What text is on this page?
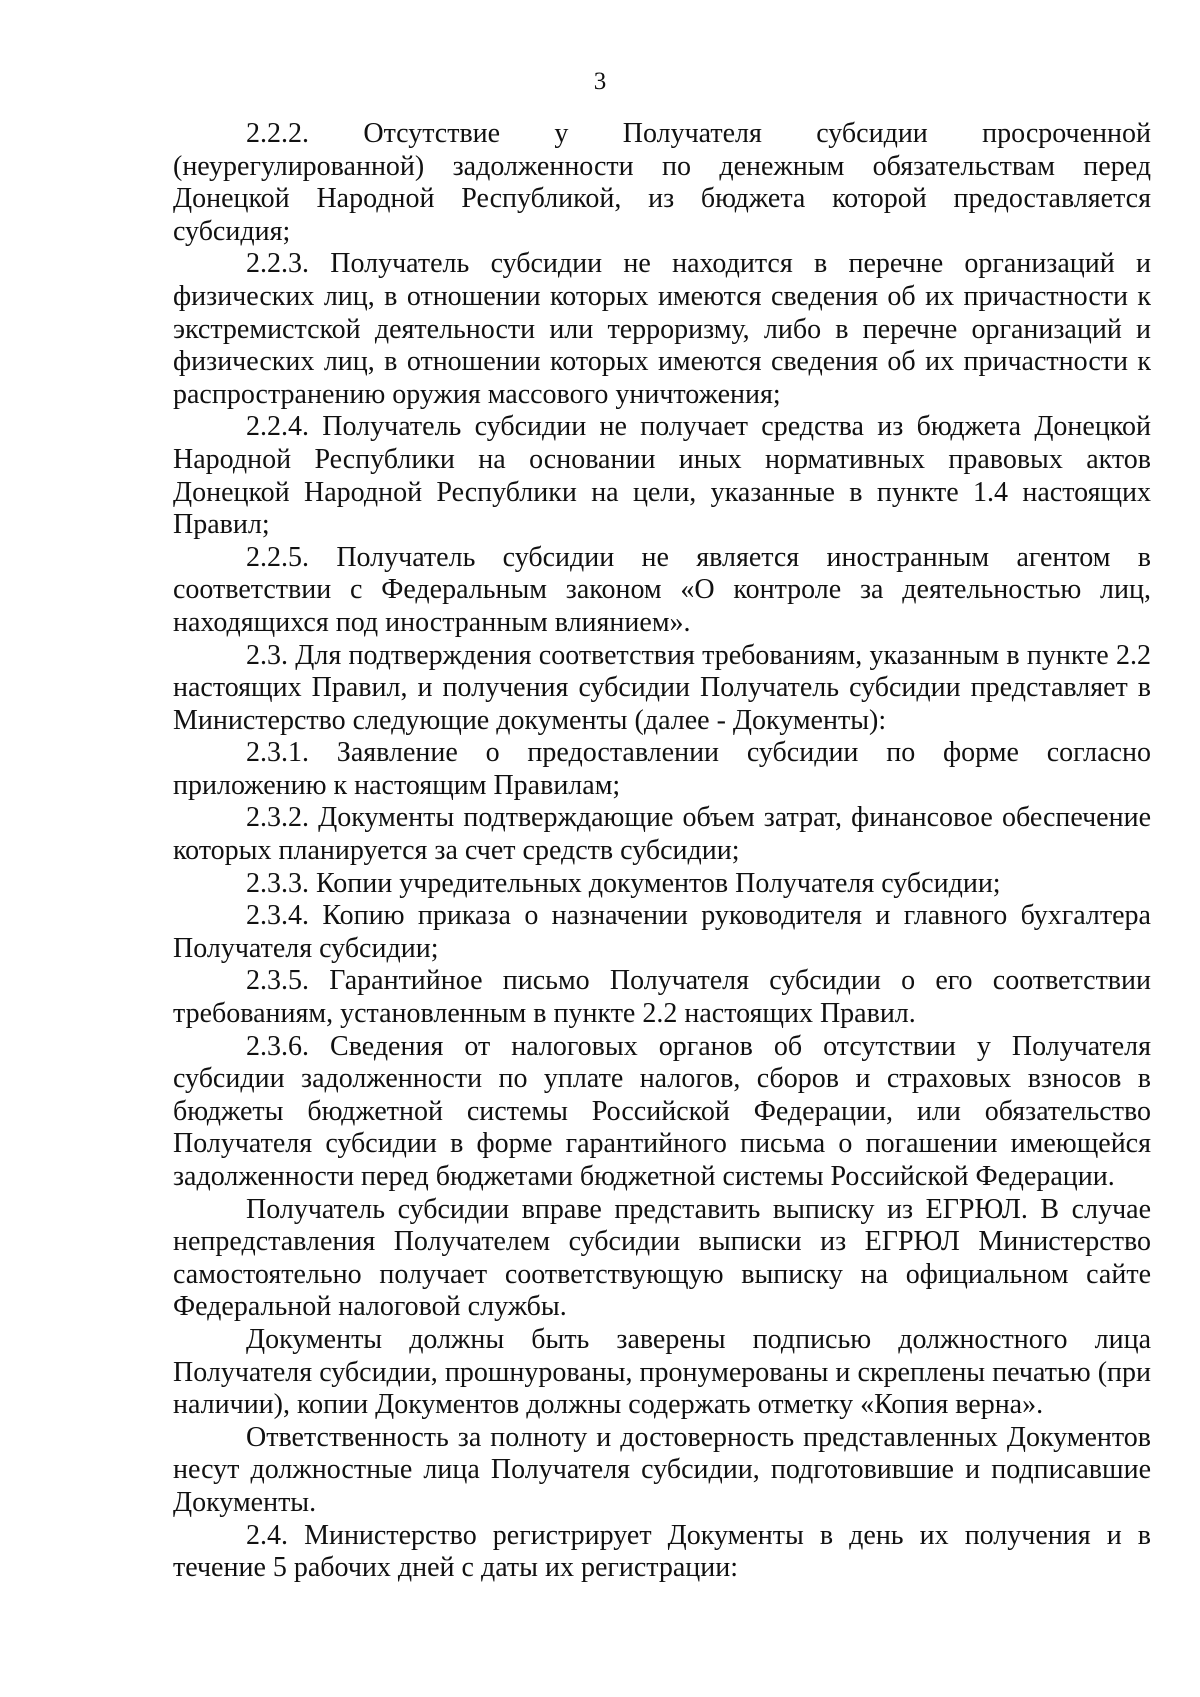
3

2.2.2. Отсутствие у Получателя субсидии просроченной (неурегулированной) задолженности по денежным обязательствам перед Донецкой Народной Республикой, из бюджета которой предоставляется субсидия;

2.2.3. Получатель субсидии не находится в перечне организаций и физических лиц, в отношении которых имеются сведения об их причастности к экстремистской деятельности или терроризму, либо в перечне организаций и физических лиц, в отношении которых имеются сведения об их причастности к распространению оружия массового уничтожения;

2.2.4. Получатель субсидии не получает средства из бюджета Донецкой Народной Республики на основании иных нормативных правовых актов Донецкой Народной Республики на цели, указанные в пункте 1.4 настоящих Правил;

2.2.5. Получатель субсидии не является иностранным агентом в соответствии с Федеральным законом «О контроле за деятельностью лиц, находящихся под иностранным влиянием».

2.3. Для подтверждения соответствия требованиям, указанным в пункте 2.2 настоящих Правил, и получения субсидии Получатель субсидии представляет в Министерство следующие документы (далее - Документы):

2.3.1. Заявление о предоставлении субсидии по форме согласно приложению к настоящим Правилам;

2.3.2. Документы подтверждающие объем затрат, финансовое обеспечение которых планируется за счет средств субсидии;

2.3.3. Копии учредительных документов Получателя субсидии;

2.3.4. Копию приказа о назначении руководителя и главного бухгалтера Получателя субсидии;

2.3.5. Гарантийное письмо Получателя субсидии о его соответствии требованиям, установленным в пункте 2.2 настоящих Правил.

2.3.6. Сведения от налоговых органов об отсутствии у Получателя субсидии задолженности по уплате налогов, сборов и страховых взносов в бюджеты бюджетной системы Российской Федерации, или обязательство Получателя субсидии в форме гарантийного письма о погашении имеющейся задолженности перед бюджетами бюджетной системы Российской Федерации.

Получатель субсидии вправе представить выписку из ЕГРЮЛ. В случае непредставления Получателем субсидии выписки из ЕГРЮЛ Министерство самостоятельно получает соответствующую выписку на официальном сайте Федеральной налоговой службы.

Документы должны быть заверены подписью должностного лица Получателя субсидии, прошнурованы, пронумерованы и скреплены печатью (при наличии), копии Документов должны содержать отметку «Копия верна».

Ответственность за полноту и достоверность представленных Документов несут должностные лица Получателя субсидии, подготовившие и подписавшие Документы.

2.4. Министерство регистрирует Документы в день их получения и в течение 5 рабочих дней с даты их регистрации:
